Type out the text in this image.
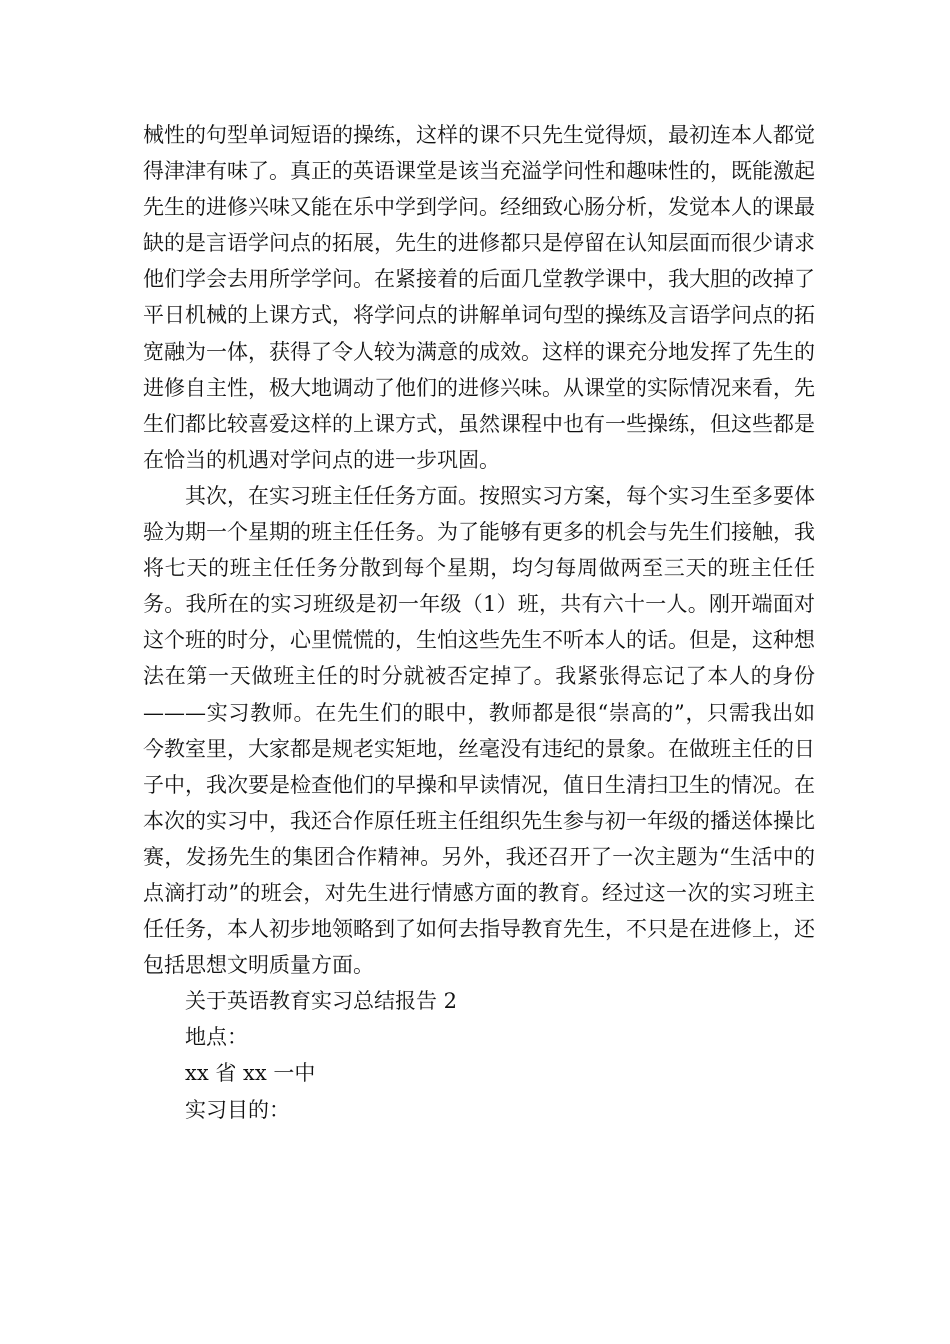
械性的句型单词短语的操练，这样的课不只先生觉得烦，最初连本人都觉得津津有味了。真正的英语课堂是该当充溢学问性和趣味性的，既能激起先生的进修兴味又能在乐中学到学问。经细致心肠分析，发觉本人的课最缺的是言语学问点的拓展，先生的进修都只是停留在认知层面而很少请求他们学会去用所学学问。在紧接着的后面几堂教学课中，我大胆的改掉了平日机械的上课方式，将学问点的讲解单词句型的操练及言语学问点的拓宽融为一体，获得了令人较为满意的成效。这样的课充分地发挥了先生的进修自主性，极大地调动了他们的进修兴味。从课堂的实际情况来看，先生们都比较喜爱这样的上课方式，虽然课程中也有一些操练，但这些都是在恰当的机遇对学问点的进一步巩固。

其次，在实习班主任任务方面。按照实习方案，每个实习生至多要体验为期一个星期的班主任任务。为了能够有更多的机会与先生们接触，我将七天的班主任任务分散到每个星期，均匀每周做两至三天的班主任任务。我所在的实习班级是初一年级（1）班，共有六十一人。刚开端面对这个班的时分，心里慌慌的，生怕这些先生不听本人的话。但是，这种想法在第一天做班主任的时分就被否定掉了。我紧张得忘记了本人的身份———实习教师。在先生们的眼中，教师都是很“崇高的”，只需我出如今教室里，大家都是规老实矩地，丝毫没有违纪的景象。在做班主任的日子中，我次要是检查他们的早操和早读情况，值日生清扫卫生的情况。在本次的实习中，我还合作原任班主任组织先生参与初一年级的播送体操比赛，发扬先生的集团合作精神。另外，我还召开了一次主题为“生活中的点滴打动”的班会，对先生进行情感方面的教育。经过这一次的实习班主任任务，本人初步地领略到了如何去指导教育先生，不只是在进修上，还包括思想文明质量方面。

关于英语教育实习总结报告 2

地点：

xx 省 xx 一中

实习目的：
